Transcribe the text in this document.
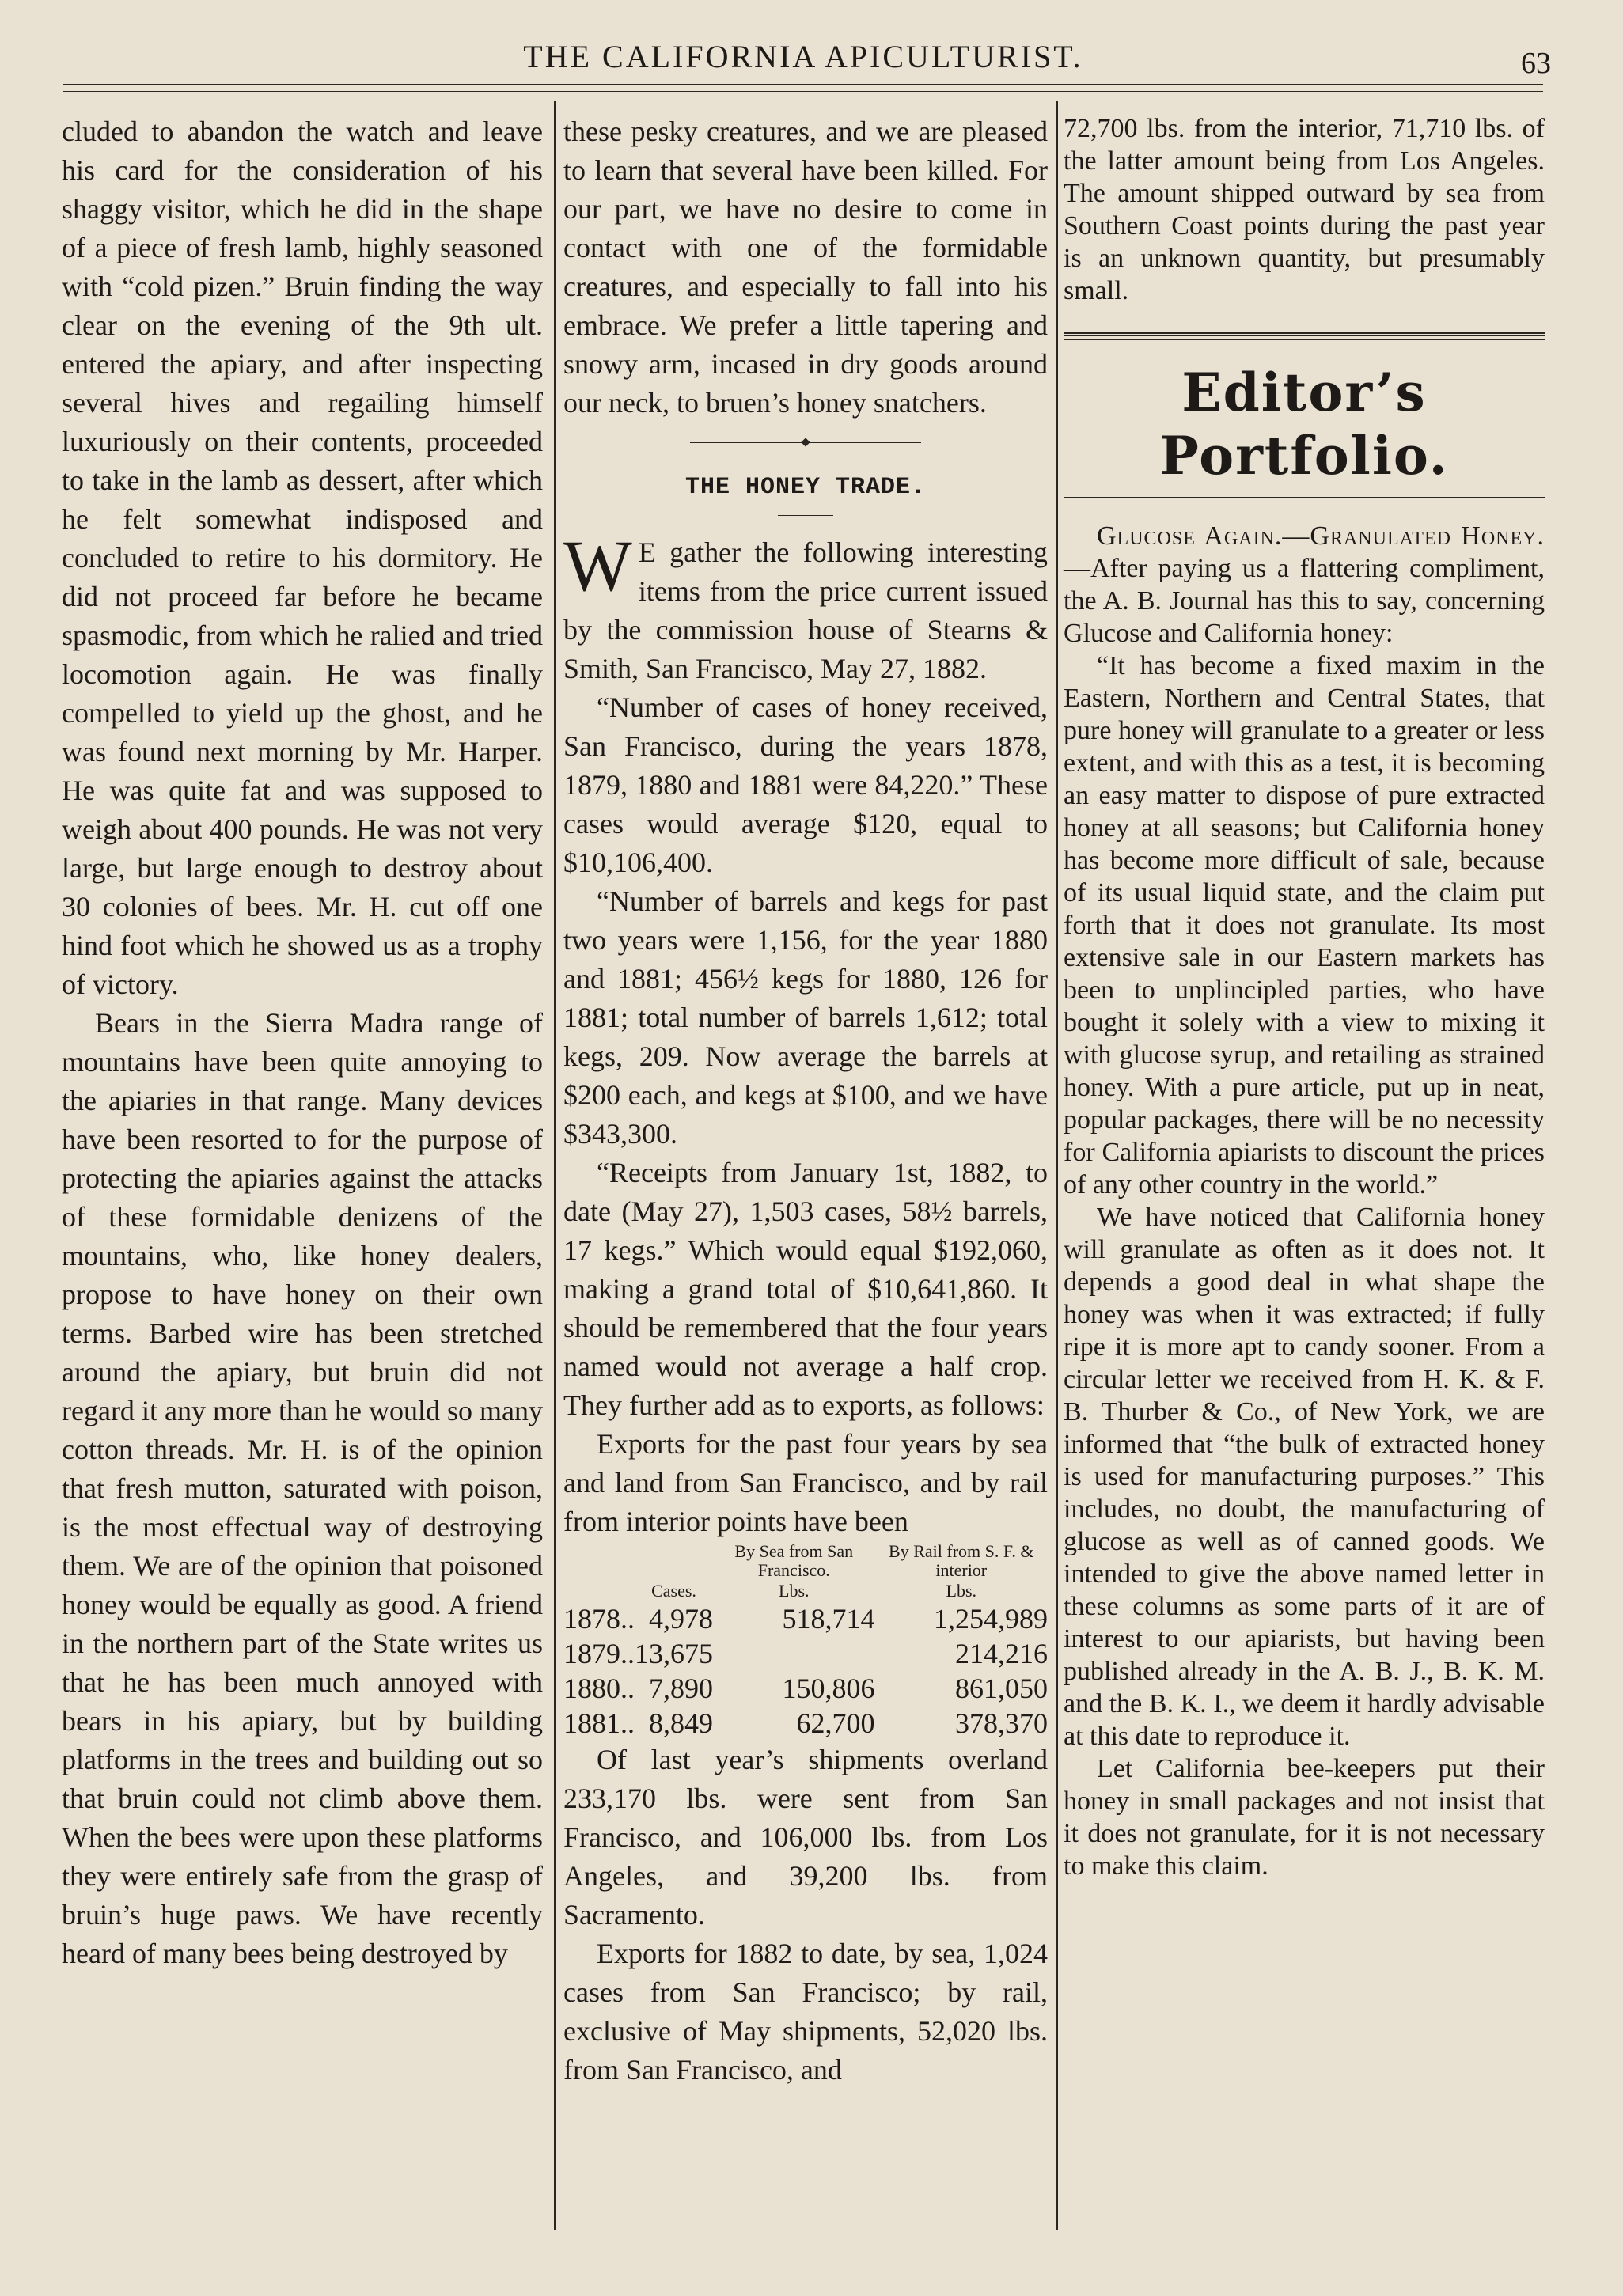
THE CALIFORNIA APICULTURIST.	63

cluded to abandon the watch and leave his card for the consideration of his shaggy visitor, which he did in the shape of a piece of fresh lamb, highly seasoned with “cold pizen.” Bruin finding the way clear on the evening of the 9th ult. entered the apiary, and after inspecting several hives and regailing himself luxuriously on their contents, proceeded to take in the lamb as dessert, after which he felt somewhat indisposed and concluded to retire to his dormitory. He did not proceed far before he became spasmodic, from which he ralied and tried locomotion again. He was finally compelled to yield up the ghost, and he was found next morning by Mr. Harper. He was quite fat and was supposed to weigh about 400 pounds. He was not very large, but large enough to destroy about 30 colonies of bees. Mr. H. cut off one hind foot which he showed us as a trophy of victory.

Bears in the Sierra Madra range of mountains have been quite annoying to the apiaries in that range. Many devices have been resorted to for the purpose of protecting the apiaries against the attacks of these formidable denizens of the mountains, who, like honey dealers, propose to have honey on their own terms. Barbed wire has been stretched around the apiary, but bruin did not regard it any more than he would so many cotton threads. Mr. H. is of the opinion that fresh mutton, saturated with poison, is the most effectual way of destroying them. We are of the opinion that poisoned honey would be equally as good. A friend in the northern part of the State writes us that he has been much annoyed with bears in his apiary, but by building platforms in the trees and building out so that bruin could not climb above them. When the bees were upon these platforms they were entirely safe from the grasp of bruin’s huge paws. We have recently heard of many bees being destroyed by

these pesky creatures, and we are pleased to learn that several have been killed. For our part, we have no desire to come in contact with one of the formidable creatures, and especially to fall into his embrace. We prefer a little tapering and snowy arm, incased in dry goods around our neck, to bruen’s honey snatchers.

THE HONEY TRADE.

W E gather the following interesting items from the price current issued by the commission house of Stearns & Smith, San Francisco, May 27, 1882.

“Number of cases of honey received, San Francisco, during the years 1878, 1879, 1880 and 1881 were 84,220.” These cases would average $120, equal to $10,106,400.

“Number of barrels and kegs for past two years were 1,156, for the year 1880 and 1881; 456½ kegs for 1880, 126 for 1881; total number of barrels 1,612; total kegs, 209. Now average the barrels at $200 each, and kegs at $100, and we have $343,300.

“Receipts from January 1st, 1882, to date (May 27), 1,503 cases, 58½ barrels, 17 kegs.” Which would equal $192,060, making a grand total of $10,641,860. It should be remembered that the four years named would not average a half crop. They further add as to exports, as follows:

Exports for the past four years by sea and land from San Francisco, and by rail from interior points have been

		By Sea from San Francisco.	By Rail from S. F. & interior
	Cases.	Lbs.	Lbs.
1878..	4,978	518,714	1,254,989
1879..	13,675		214,216
1880..	7,890	150,806	861,050
1881..	8,849	62,700	378,370

Of last year’s shipments overland 233,170 lbs. were sent from San Francisco, and 106,000 lbs. from Los Angeles, and 39,200 lbs. from Sacramento.

Exports for 1882 to date, by sea, 1,024 cases from San Francisco; by rail, exclusive of May shipments, 52,020 lbs. from San Francisco, and

72,700 lbs. from the interior, 71,710 lbs. of the latter amount being from Los Angeles. The amount shipped outward by sea from Southern Coast points during the past year is an unknown quantity, but presumably small.

Editor’s Portfolio.

Glucose Again.—Granulated Honey.—After paying us a flattering compliment, the A. B. Journal has this to say, concerning Glucose and California honey:

“It has become a fixed maxim in the Eastern, Northern and Central States, that pure honey will granulate to a greater or less extent, and with this as a test, it is becoming an easy matter to dispose of pure extracted honey at all seasons; but California honey has become more difficult of sale, because of its usual liquid state, and the claim put forth that it does not granulate. Its most extensive sale in our Eastern markets has been to unplincipled parties, who have bought it solely with a view to mixing it with glucose syrup, and retailing as strained honey. With a pure article, put up in neat, popular packages, there will be no necessity for California apiarists to discount the prices of any other country in the world.”

We have noticed that California honey will granulate as often as it does not. It depends a good deal in what shape the honey was when it was extracted; if fully ripe it is more apt to candy sooner. From a circular letter we received from H. K. & F. B. Thurber & Co., of New York, we are informed that “the bulk of extracted honey is used for manufacturing purposes.” This includes, no doubt, the manufacturing of glucose as well as of canned goods. We intended to give the above named letter in these columns as some parts of it are of interest to our apiarists, but having been published already in the A. B. J., B. K. M. and the B. K. I., we deem it hardly advisable at this date to reproduce it.

Let California bee-keepers put their honey in small packages and not insist that it does not granulate, for it is not necessary to make this claim.
